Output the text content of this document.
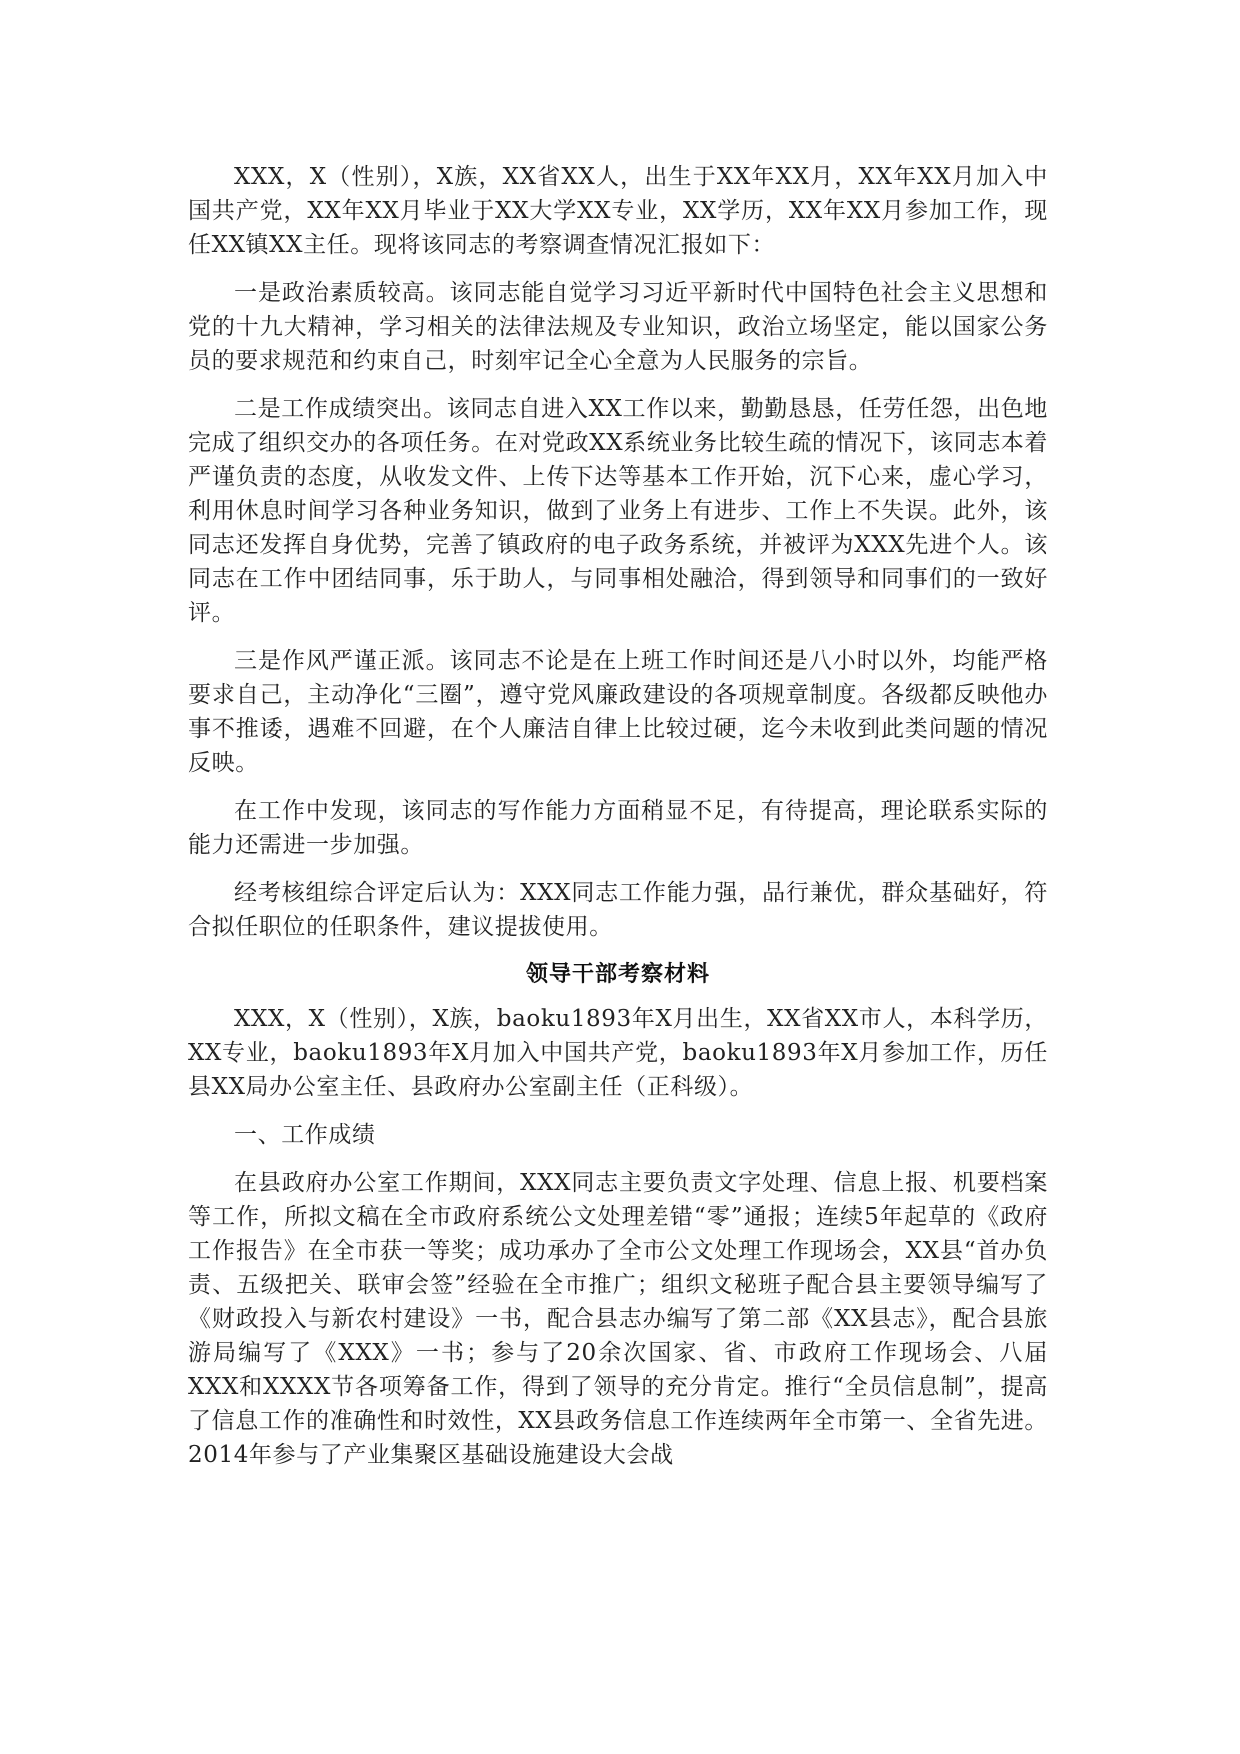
XXX，X（性别），X族，XX省XX人，出生于XX年XX月，XX年XX月加入中国共产党，XX年XX月毕业于XX大学XX专业，XX学历，XX年XX月参加工作，现任XX镇XX主任。现将该同志的考察调查情况汇报如下：

一是政治素质较高。该同志能自觉学习习近平新时代中国特色社会主义思想和党的十九大精神，学习相关的法律法规及专业知识，政治立场坚定，能以国家公务员的要求规范和约束自己，时刻牢记全心全意为人民服务的宗旨。

二是工作成绩突出。该同志自进入XX工作以来，勤勤恳恳，任劳任怨，出色地完成了组织交办的各项任务。在对党政XX系统业务比较生疏的情况下，该同志本着严谨负责的态度，从收发文件、上传下达等基本工作开始，沉下心来，虚心学习，利用休息时间学习各种业务知识，做到了业务上有进步、工作上不失误。此外，该同志还发挥自身优势，完善了镇政府的电子政务系统，并被评为XXX先进个人。该同志在工作中团结同事，乐于助人，与同事相处融洽，得到领导和同事们的一致好评。

三是作风严谨正派。该同志不论是在上班工作时间还是八小时以外，均能严格要求自己，主动净化“三圈”，遵守党风廉政建设的各项规章制度。各级都反映他办事不推诿，遇难不回避，在个人廉洁自律上比较过硬，迄今未收到此类问题的情况反映。

在工作中发现，该同志的写作能力方面稍显不足，有待提高，理论联系实际的能力还需进一步加强。

经考核组综合评定后认为：XXX同志工作能力强，品行兼优，群众基础好，符合拟任职位的任职条件，建议提拔使用。

领导干部考察材料

XXX，X（性别），X族，baoku1893年X月出生，XX省XX市人，本科学历，XX专业，baoku1893年X月加入中国共产党，baoku1893年X月参加工作，历任县XX局办公室主任、县政府办公室副主任（正科级）。

一、工作成绩

在县政府办公室工作期间，XXX同志主要负责文字处理、信息上报、机要档案等工作，所拟文稿在全市政府系统公文处理差错“零”通报；连续5年起草的《政府工作报告》在全市获一等奖；成功承办了全市公文处理工作现场会，XX县“首办负责、五级把关、联审会签”经验在全市推广；组织文秘班子配合县主要领导编写了《财政投入与新农村建设》一书，配合县志办编写了第二部《XX县志》，配合县旅游局编写了《XXX》一书；参与了20余次国家、省、市政府工作现场会、八届XXX和XXXX节各项筹备工作，得到了领导的充分肯定。推行“全员信息制”，提高了信息工作的准确性和时效性，XX县政务信息工作连续两年全市第一、全省先进。2014年参与了产业集聚区基础设施建设大会战
